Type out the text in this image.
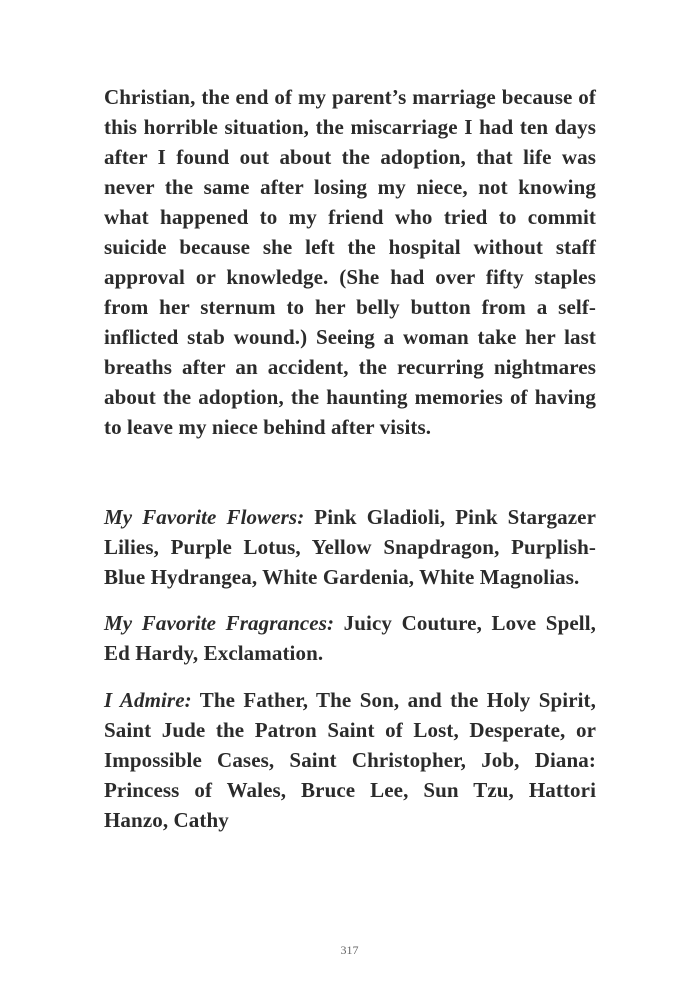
Christian, the end of my parent’s marriage because of this horrible situation, the miscarriage I had ten days after I found out about the adoption, that life was never the same after losing my niece, not knowing what happened to my friend who tried to commit suicide because she left the hospital without staff approval or knowledge. (She had over fifty staples from her sternum to her belly button from a self-inflicted stab wound.) Seeing a woman take her last breaths after an accident, the recurring nightmares about the adoption, the haunting memories of having to leave my niece behind after visits.

My Favorite Flowers: Pink Gladioli, Pink Stargazer Lilies, Purple Lotus, Yellow Snapdragon, Purplish-Blue Hydrangea, White Gardenia, White Magnolias.

My Favorite Fragrances: Juicy Couture, Love Spell, Ed Hardy, Exclamation.

I Admire: The Father, The Son, and the Holy Spirit, Saint Jude the Patron Saint of Lost, Desperate, or Impossible Cases, Saint Christopher, Job, Diana: Princess of Wales, Bruce Lee, Sun Tzu, Hattori Hanzo, Cathy

317
